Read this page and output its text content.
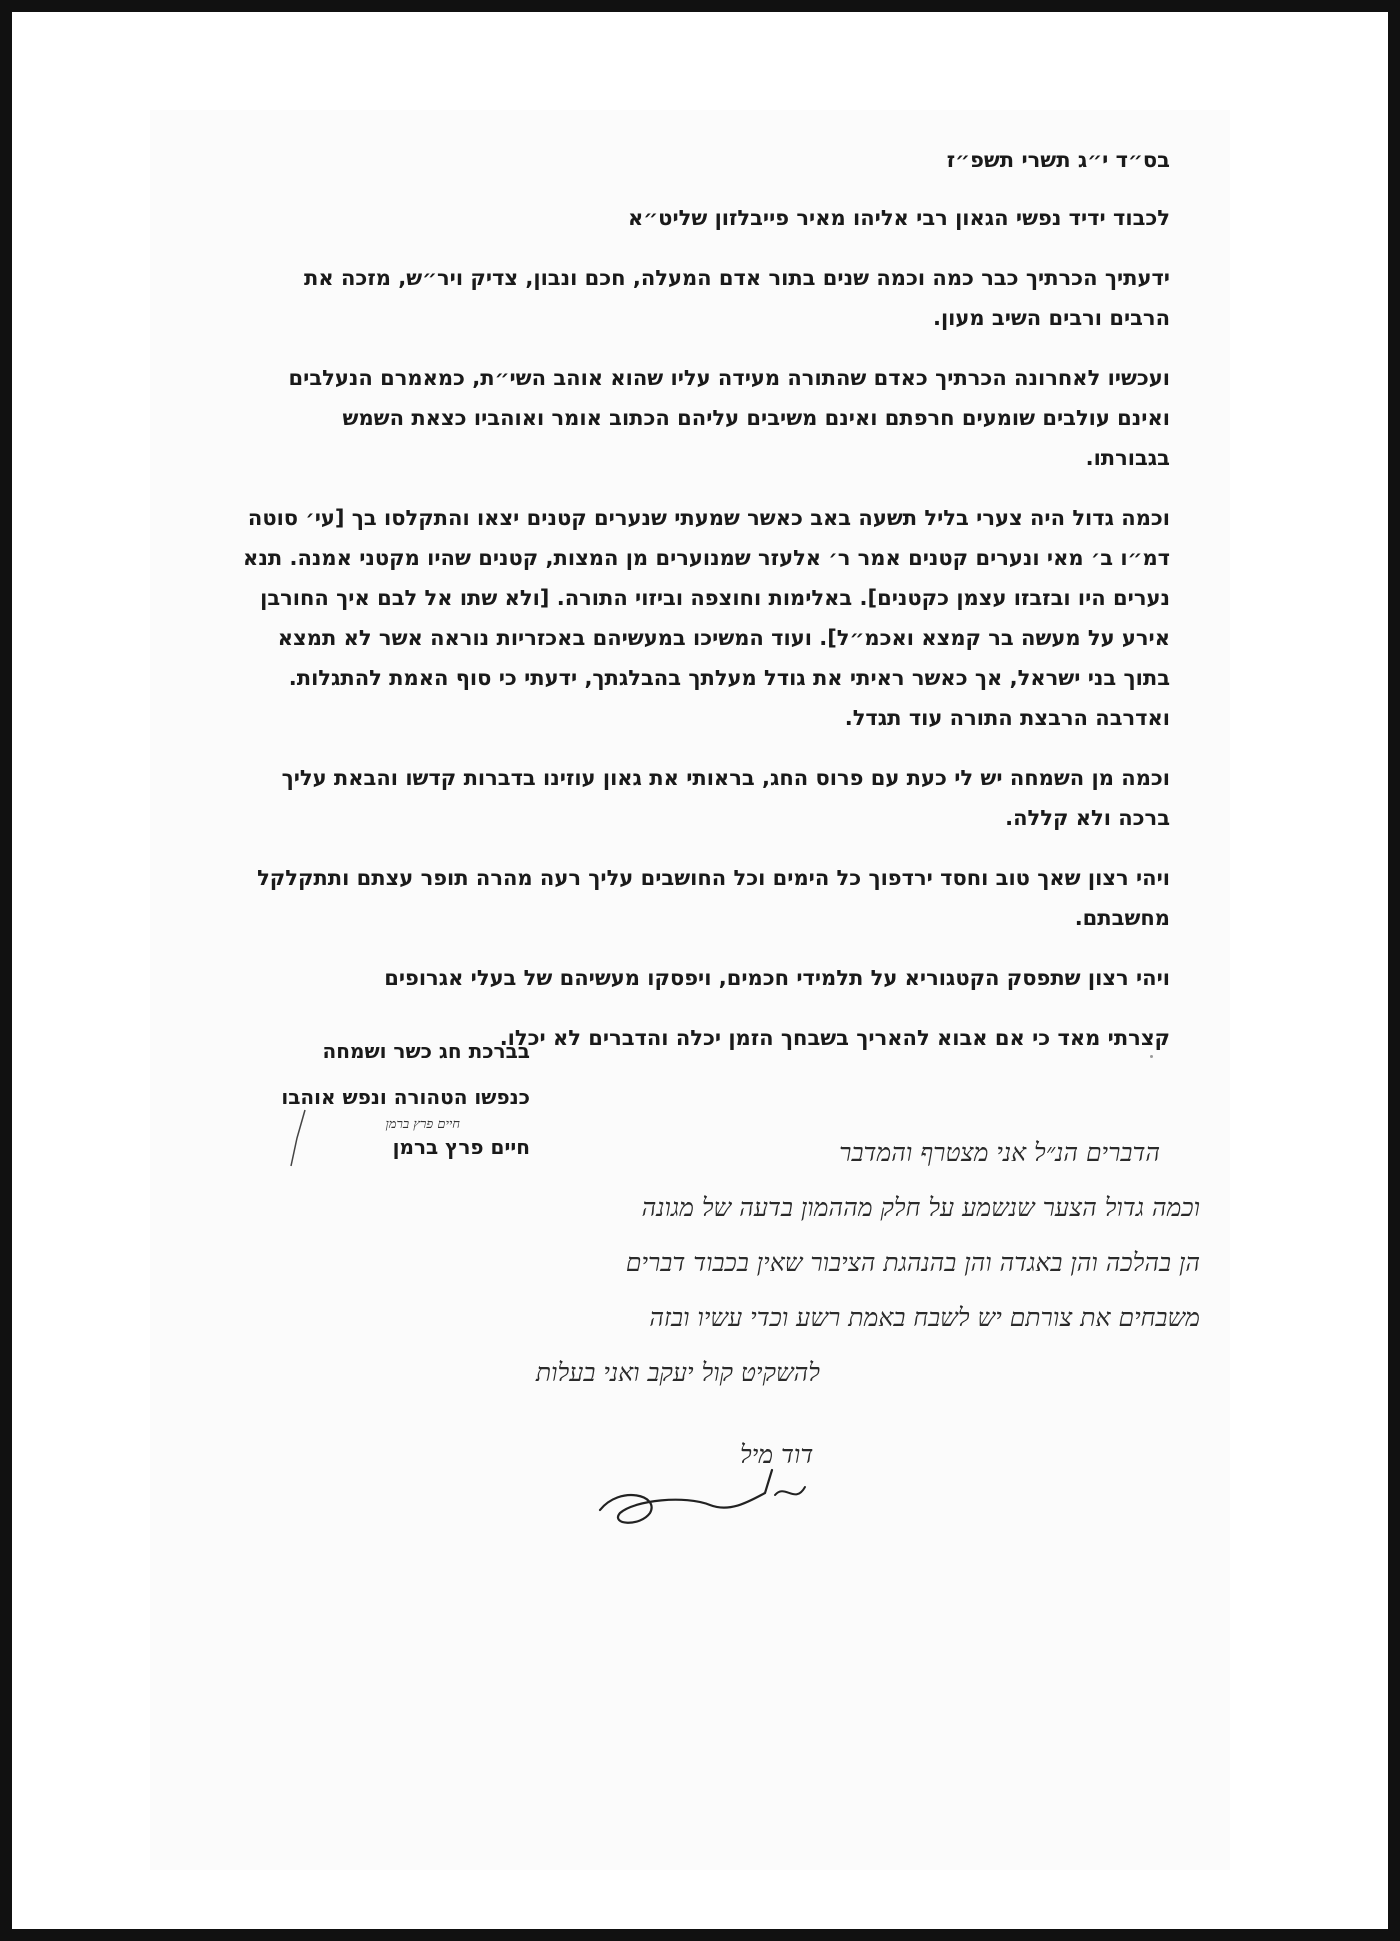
בס״ד י״ג תשרי תשפ״ז
לכבוד ידיד נפשי הגאון רבי אליהו מאיר פייבלזון שליט״א

ידעתיך הכרתיך כבר כמה וכמה שנים בתור אדם המעלה, חכם ונבון, צדיק ויר״ש, מזכה את
הרבים ורבים השיב מעון.

ועכשיו לאחרונה הכרתיך כאדם שהתורה מעידה עליו שהוא אוהב השי״ת, כמאמרם הנעלבים
ואינם עולבים שומעים חרפתם ואינם משיבים עליהם הכתוב אומר ואוהביו כצאת השמש
בגבורתו.

וכמה גדול היה צערי בליל תשעה באב כאשר שמעתי שנערים קטנים יצאו והתקלסו בך [עי׳ סוטה
דמ״ו ב׳ מאי ונערים קטנים אמר ר׳ אלעזר שמנוערים מן המצות, קטנים שהיו מקטני אמנה. תנא
נערים היו ובזבזו עצמן כקטנים]. באלימות וחוצפה וביזוי התורה. [ולא שתו אל לבם איך החורבן
אירע על מעשה בר קמצא ואכמ״ל]. ועוד המשיכו במעשיהם באכזריות נוראה אשר לא תמצא
בתוך בני ישראל, אך כאשר ראיתי את גודל מעלתך בהבלגתך, ידעתי כי סוף האמת להתגלות.
ואדרבה הרבצת התורה עוד תגדל.

וכמה מן השמחה יש לי כעת עם פרוס החג, בראותי את גאון עוזינו בדברות קדשו והבאת עליך
ברכה ולא קללה.

ויהי רצון שאך טוב וחסד ירדפוך כל הימים וכל החושבים עליך רעה מהרה תופר עצתם ותתקלקל
מחשבתם.

ויהי רצון שתפסק הקטגוריא על תלמידי חכמים, ויפסקו מעשיהם של בעלי אגרופים

קצרתי מאד כי אם אבוא להאריך בשבחך הזמן יכלה והדברים לא יכלו.

בברכת חג כשר ושמחה
כנפשו הטהורה ונפש אוהבו
חיים פרץ ברמן
חיים פרץ ברמן	הדברים הנ״ל אני מצטרף והמדבר
וכמה גדול הצער שנשמע על חלק מההמון בדעה של מגונה
הן בהלכה והן באגדה והן בהנהגת הציבור שאין בכבוד דברים
משבחים את צורתם יש לשבח באמת רשע וכדי עשיו ובזה
להשקיט קול יעקב ואני בעלות
דוד מיל
